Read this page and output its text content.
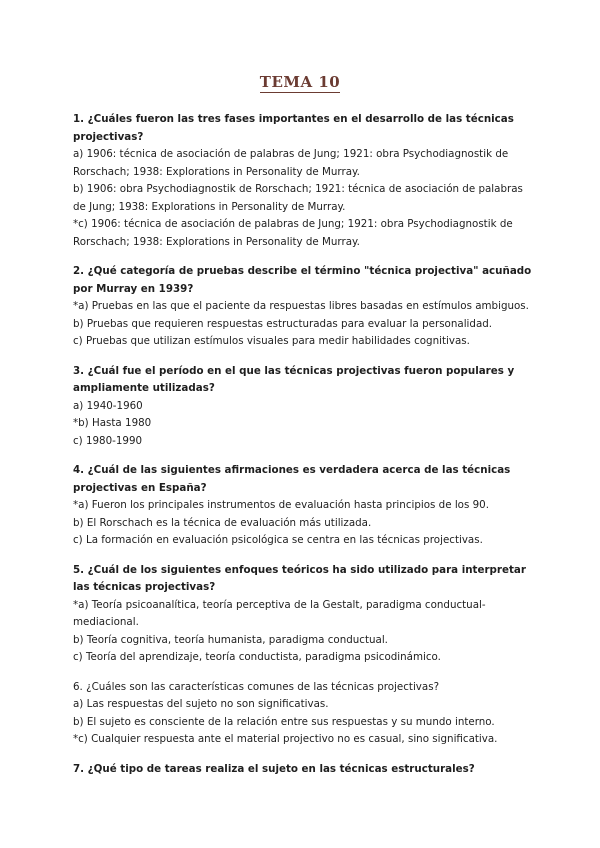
TEMA 10
1. ¿Cuáles fueron las tres fases importantes en el desarrollo de las técnicas projectivas?
a) 1906: técnica de asociación de palabras de Jung; 1921: obra Psychodiagnostik de Rorschach; 1938: Explorations in Personality de Murray.
b) 1906: obra Psychodiagnostik de Rorschach; 1921: técnica de asociación de palabras de Jung; 1938: Explorations in Personality de Murray.
*c) 1906: técnica de asociación de palabras de Jung; 1921: obra Psychodiagnostik de Rorschach; 1938: Explorations in Personality de Murray.
2. ¿Qué categoría de pruebas describe el término "técnica projectiva" acuñado por Murray en 1939?
*a) Pruebas en las que el paciente da respuestas libres basadas en estímulos ambiguos.
b) Pruebas que requieren respuestas estructuradas para evaluar la personalidad.
c) Pruebas que utilizan estímulos visuales para medir habilidades cognitivas.
3. ¿Cuál fue el período en el que las técnicas projectivas fueron populares y ampliamente utilizadas?
a) 1940-1960
*b) Hasta 1980
c) 1980-1990
4. ¿Cuál de las siguientes afirmaciones es verdadera acerca de las técnicas projectivas en España?
*a) Fueron los principales instrumentos de evaluación hasta principios de los 90.
b) El Rorschach es la técnica de evaluación más utilizada.
c) La formación en evaluación psicológica se centra en las técnicas projectivas.
5. ¿Cuál de los siguientes enfoques teóricos ha sido utilizado para interpretar las técnicas projectivas?
*a) Teoría psicoanalítica, teoría perceptiva de la Gestalt, paradigma conductual-mediacional.
b) Teoría cognitiva, teoría humanista, paradigma conductual.
c) Teoría del aprendizaje, teoría conductista, paradigma psicodinámico.
6. ¿Cuáles son las características comunes de las técnicas projectivas?
a) Las respuestas del sujeto no son significativas.
b) El sujeto es consciente de la relación entre sus respuestas y su mundo interno.
*c) Cualquier respuesta ante el material projectivo no es casual, sino significativa.
7. ¿Qué tipo de tareas realiza el sujeto en las técnicas estructurales?
